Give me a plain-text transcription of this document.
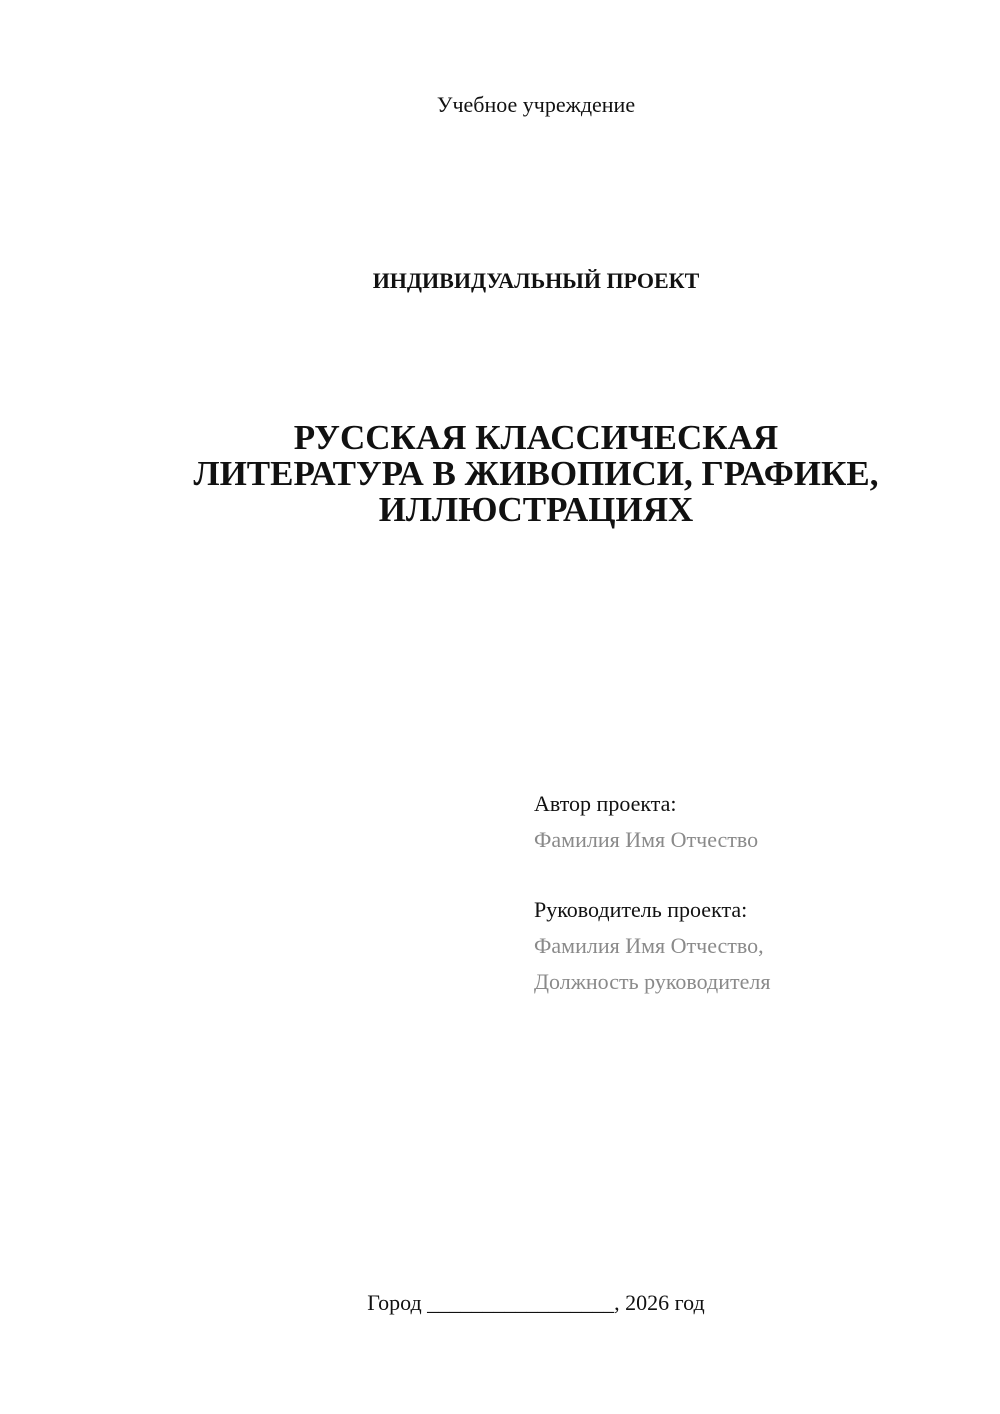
Учебное учреждение
ИНДИВИДУАЛЬНЫЙ ПРОЕКТ
РУССКАЯ КЛАССИЧЕСКАЯ
ЛИТЕРАТУРА В ЖИВОПИСИ, ГРАФИКЕ,
ИЛЛЮСТРАЦИЯХ
Автор проекта:
Фамилия Имя Отчество
Руководитель проекта:
Фамилия Имя Отчество,
Должность руководителя
Город _________________, 2026 год
